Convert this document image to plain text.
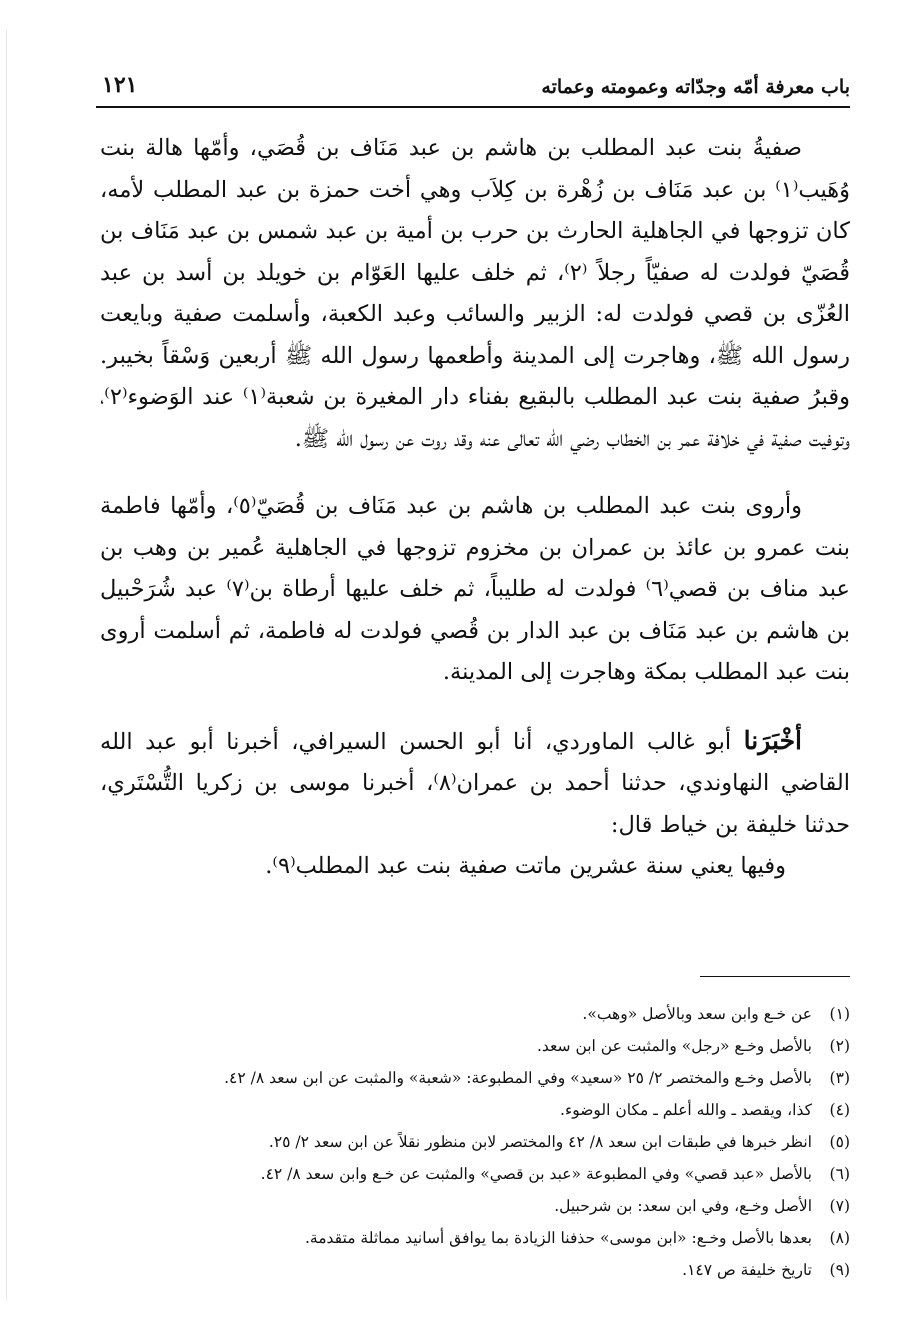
باب معرفة أمّه وجدّاته وعمومته وعماته
١٢١

صفيةُ بنت عبد المطلب بن هاشم بن عبد مَنَاف بن قُصَي، وأمّها هالة بنت وُهَيب⁽١⁾ بن عبد مَنَاف بن زُهْرة بن كِلاَب وهي أخت حمزة بن عبد المطلب لأمه، كان تزوجها في الجاهلية الحارث بن حرب بن أمية بن عبد شمس بن عبد مَنَاف بن قُصَيّ فولدت له صفيّاً رجلاً ⁽٢⁾، ثم خلف عليها العَوّام بن خويلد بن أسد بن عبد العُزّى بن قصي فولدت له: الزبير والسائب وعبد الكعبة، وأسلمت صفية وبايعت رسول الله ﷺ، وهاجرت إلى المدينة وأطعمها رسول الله ﷺ أربعين وَسْقاً بخيبر. وقبرُ صفية بنت عبد المطلب بالبقيع بفناء دار المغيرة بن شعبة⁽١⁾ عند الوَضوء⁽٢⁾، وتوفيت صفية في خلافة عمر بن الخطاب رضي الله تعالى عنه وقد روت عن رسول الله ﷺ.

وأروى بنت عبد المطلب بن هاشم بن عبد مَنَاف بن قُصَيّ⁽٥⁾، وأمّها فاطمة بنت عمرو بن عائذ بن عمران بن مخزوم تزوجها في الجاهلية عُمير بن وهب بن عبد مناف بن قصي⁽٦⁾ فولدت له طليباً، ثم خلف عليها أرطاة بن⁽٧⁾ عبد شُرَحْبيل بن هاشم بن عبد مَنَاف بن عبد الدار بن قُصي فولدت له فاطمة، ثم أسلمت أروى بنت عبد المطلب بمكة وهاجرت إلى المدينة.

أخْبَرَنا أبو غالب الماوردي، أنا أبو الحسن السيرافي، أخبرنا أبو عبد الله القاضي النهاوندي، حدثنا أحمد بن عمران⁽٨⁾، أخبرنا موسى بن زكريا التُّسْتَري، حدثنا خليفة بن خياط قال:

وفيها يعني سنة عشرين ماتت صفية بنت عبد المطلب⁽٩⁾.

(١)عن خـع وابن سعد وبالأصل «وهب».
(٢)بالأصل وخـع «رجل» والمثبت عن ابن سعد.
(٣)بالأصل وخـع والمختصر ٢/ ٢٥ «سعيد» وفي المطبوعة: «شعبة» والمثبت عن ابن سعد ٨/ ٤٢.
(٤)كذا، ويقصد ـ والله أعلم ـ مكان الوضوء.
(٥)انظر خبرها في طبقات ابن سعد ٨/ ٤٢ والمختصر لابن منظور نقلاً عن ابن سعد ٢/ ٢٥.
(٦)بالأصل «عبد قصي» وفي المطبوعة «عبد بن قصي» والمثبت عن خـع وابن سعد ٨/ ٤٢.
(٧)الأصل وخـع، وفي ابن سعد: بن شرحبيل.
(٨)بعدها بالأصل وخـع: «ابن موسى» حذفنا الزيادة بما يوافق أسانيد مماثلة متقدمة.
(٩)تاريخ خليفة ص ١٤٧.
